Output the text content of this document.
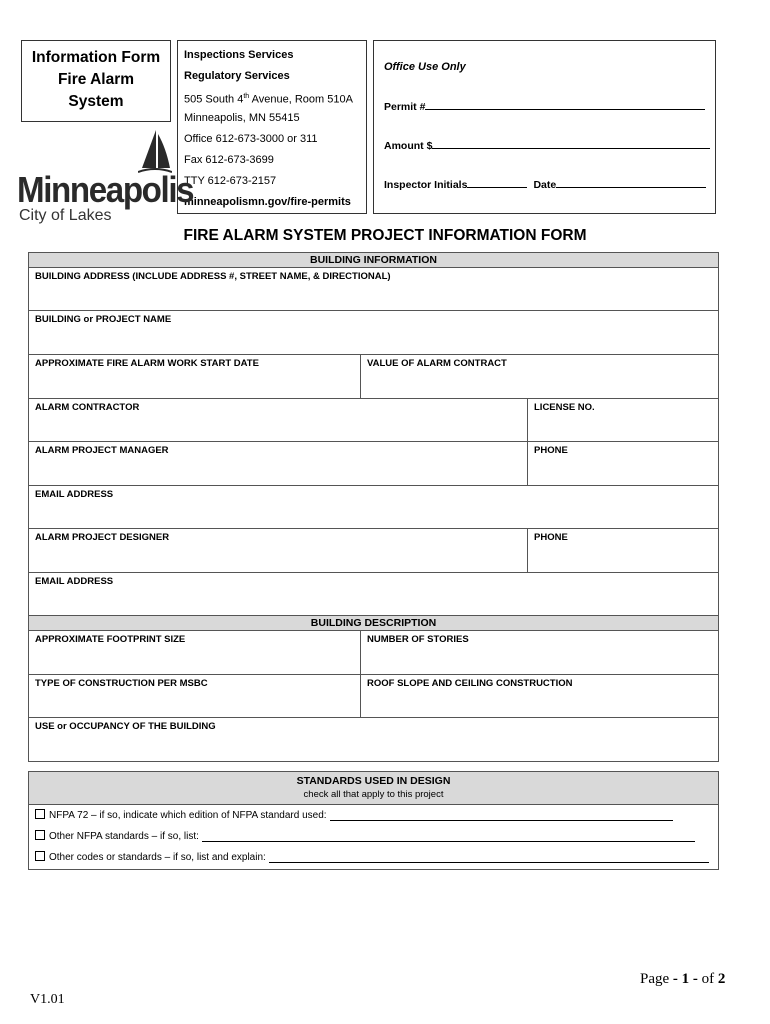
Information Form
Fire Alarm
System
Inspections Services
Regulatory Services
505 South 4th Avenue, Room 510A
Minneapolis, MN 55415
Office 612-673-3000 or 311
Fax 612-673-3699
TTY 612-673-2157
minneapolismn.gov/fire-permits
Office Use Only
Permit #
Amount $
Inspector Initials	Date
Minneapolis
City of Lakes
FIRE ALARM SYSTEM PROJECT INFORMATION FORM
BUILDING INFORMATION
BUILDING ADDRESS (INCLUDE ADDRESS #, STREET NAME, & DIRECTIONAL)
BUILDING or PROJECT NAME
APPROXIMATE FIRE ALARM WORK START DATE	VALUE OF ALARM CONTRACT
ALARM CONTRACTOR	LICENSE NO.
ALARM PROJECT MANAGER	PHONE
EMAIL ADDRESS
ALARM PROJECT DESIGNER	PHONE
EMAIL ADDRESS
BUILDING DESCRIPTION
APPROXIMATE FOOTPRINT SIZE	NUMBER OF STORIES
TYPE OF CONSTRUCTION PER MSBC	ROOF SLOPE AND CEILING CONSTRUCTION
USE or OCCUPANCY OF THE BUILDING
STANDARDS USED IN DESIGN
check all that apply to this project
NFPA 72 – if so, indicate which edition of NFPA standard used:
Other NFPA standards – if so, list:
Other codes or standards – if so, list and explain:
Page - 1 - of 2
V1.01
